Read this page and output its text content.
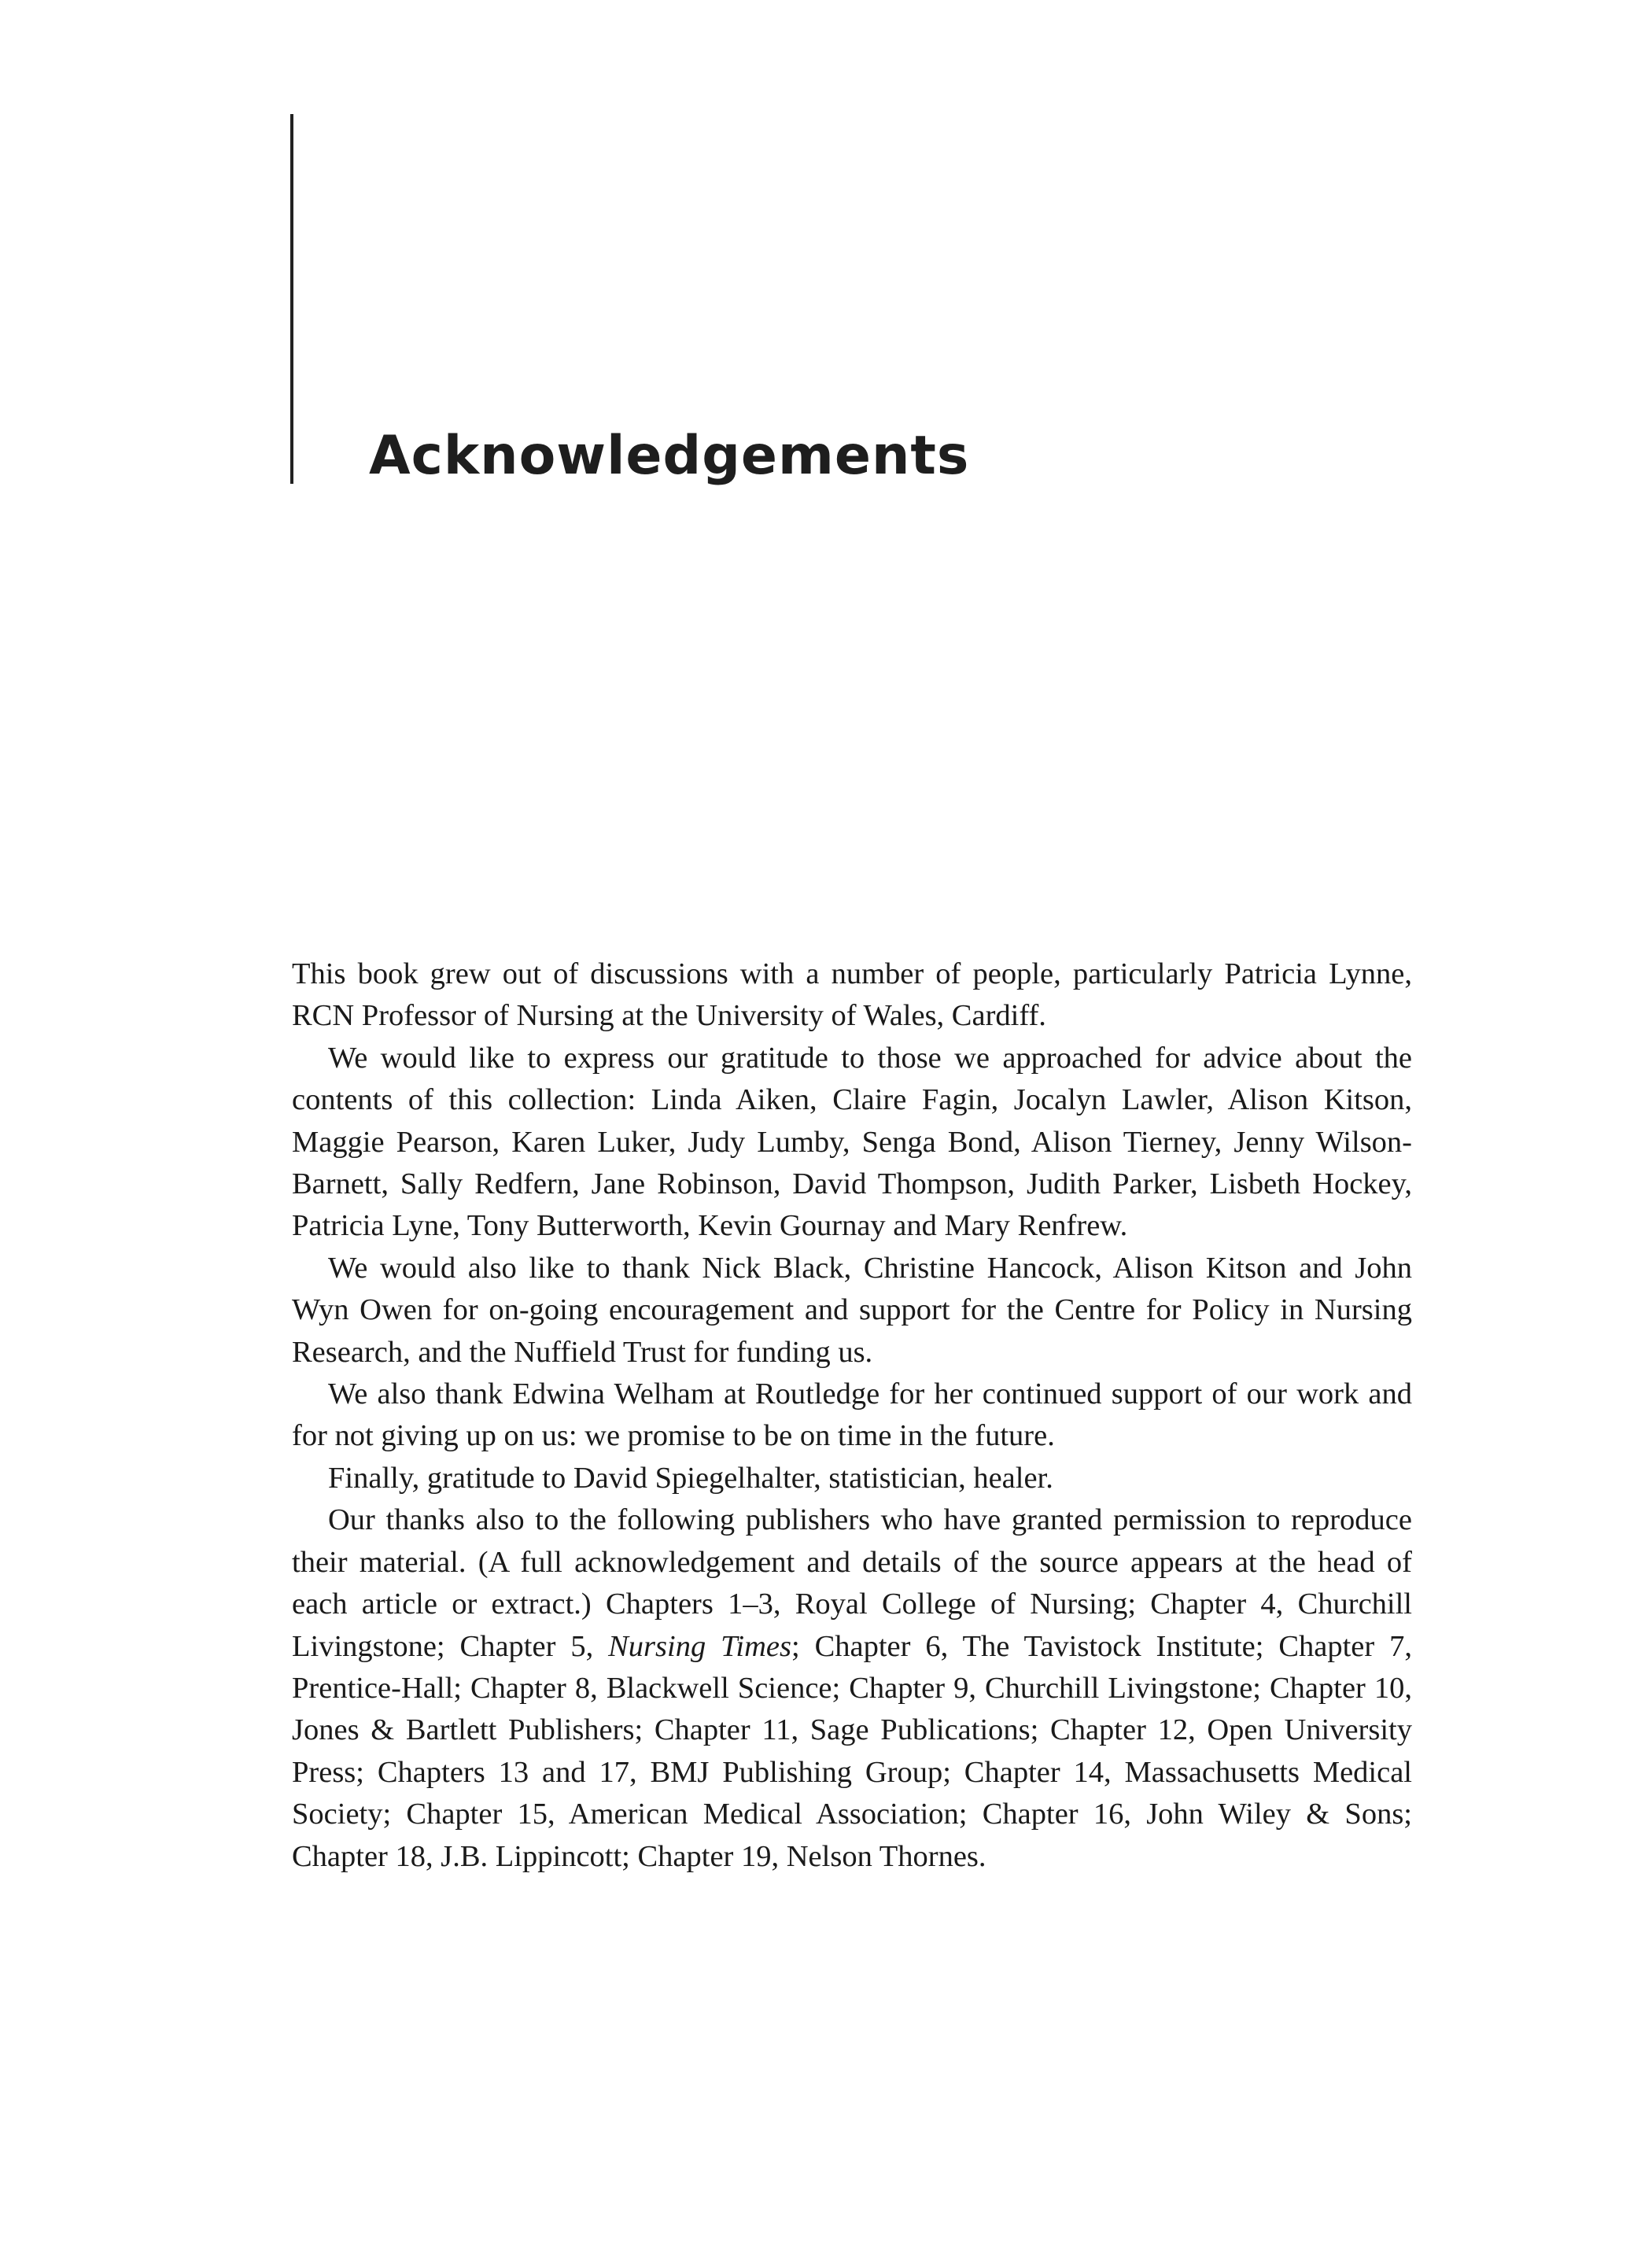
Acknowledgements

This book grew out of discussions with a number of people, particularly Patricia Lynne, RCN Professor of Nursing at the University of Wales, Cardiff.

We would like to express our gratitude to those we approached for advice about the contents of this collection: Linda Aiken, Claire Fagin, Jocalyn Lawler, Alison Kitson, Maggie Pearson, Karen Luker, Judy Lumby, Senga Bond, Alison Tierney, Jenny Wilson-Barnett, Sally Redfern, Jane Robinson, David Thompson, Judith Parker, Lisbeth Hockey, Patricia Lyne, Tony Butterworth, Kevin Gournay and Mary Renfrew.

We would also like to thank Nick Black, Christine Hancock, Alison Kitson and John Wyn Owen for on-going encouragement and support for the Centre for Policy in Nursing Research, and the Nuffield Trust for funding us.

We also thank Edwina Welham at Routledge for her continued support of our work and for not giving up on us: we promise to be on time in the future.

Finally, gratitude to David Spiegelhalter, statistician, healer.

Our thanks also to the following publishers who have granted permission to reproduce their material. (A full acknowledgement and details of the source appears at the head of each article or extract.) Chapters 1–3, Royal College of Nursing; Chapter 4, Churchill Livingstone; Chapter 5, Nursing Times; Chapter 6, The Tavistock Institute; Chapter 7, Prentice-Hall; Chapter 8, Blackwell Science; Chapter 9, Churchill Livingstone; Chapter 10, Jones & Bartlett Publishers; Chapter 11, Sage Publications; Chapter 12, Open University Press; Chapters 13 and 17, BMJ Publishing Group; Chapter 14, Massachusetts Medical Society; Chapter 15, American Medical Association; Chapter 16, John Wiley & Sons; Chapter 18, J.B. Lippincott; Chapter 19, Nelson Thornes.
